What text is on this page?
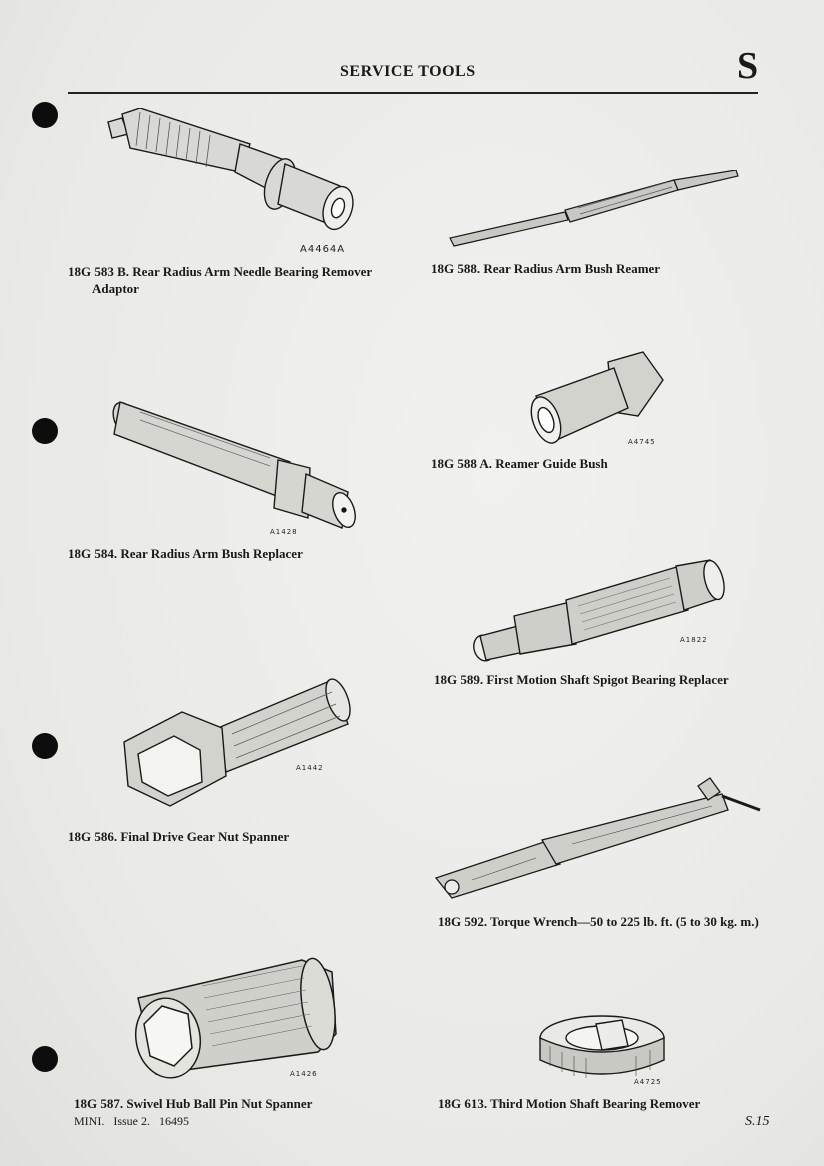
SERVICE TOOLS	S
A4464A
18G 583 B. Rear Radius Arm Needle Bearing Remover
Adaptor
18G 588. Rear Radius Arm Bush Reamer
A4745
18G 588 A. Reamer Guide Bush
A1428
18G 584. Rear Radius Arm Bush Replacer
A1822
18G 589. First Motion Shaft Spigot Bearing Replacer
A1442
18G 586. Final Drive Gear Nut Spanner
18G 592. Torque Wrench—50 to 225 lb. ft. (5 to 30 kg. m.)
A1426
18G 587. Swivel Hub Ball Pin Nut Spanner
A4725
18G 613. Third Motion Shaft Bearing Remover
MINI.   Issue 2.   16495	S.15
